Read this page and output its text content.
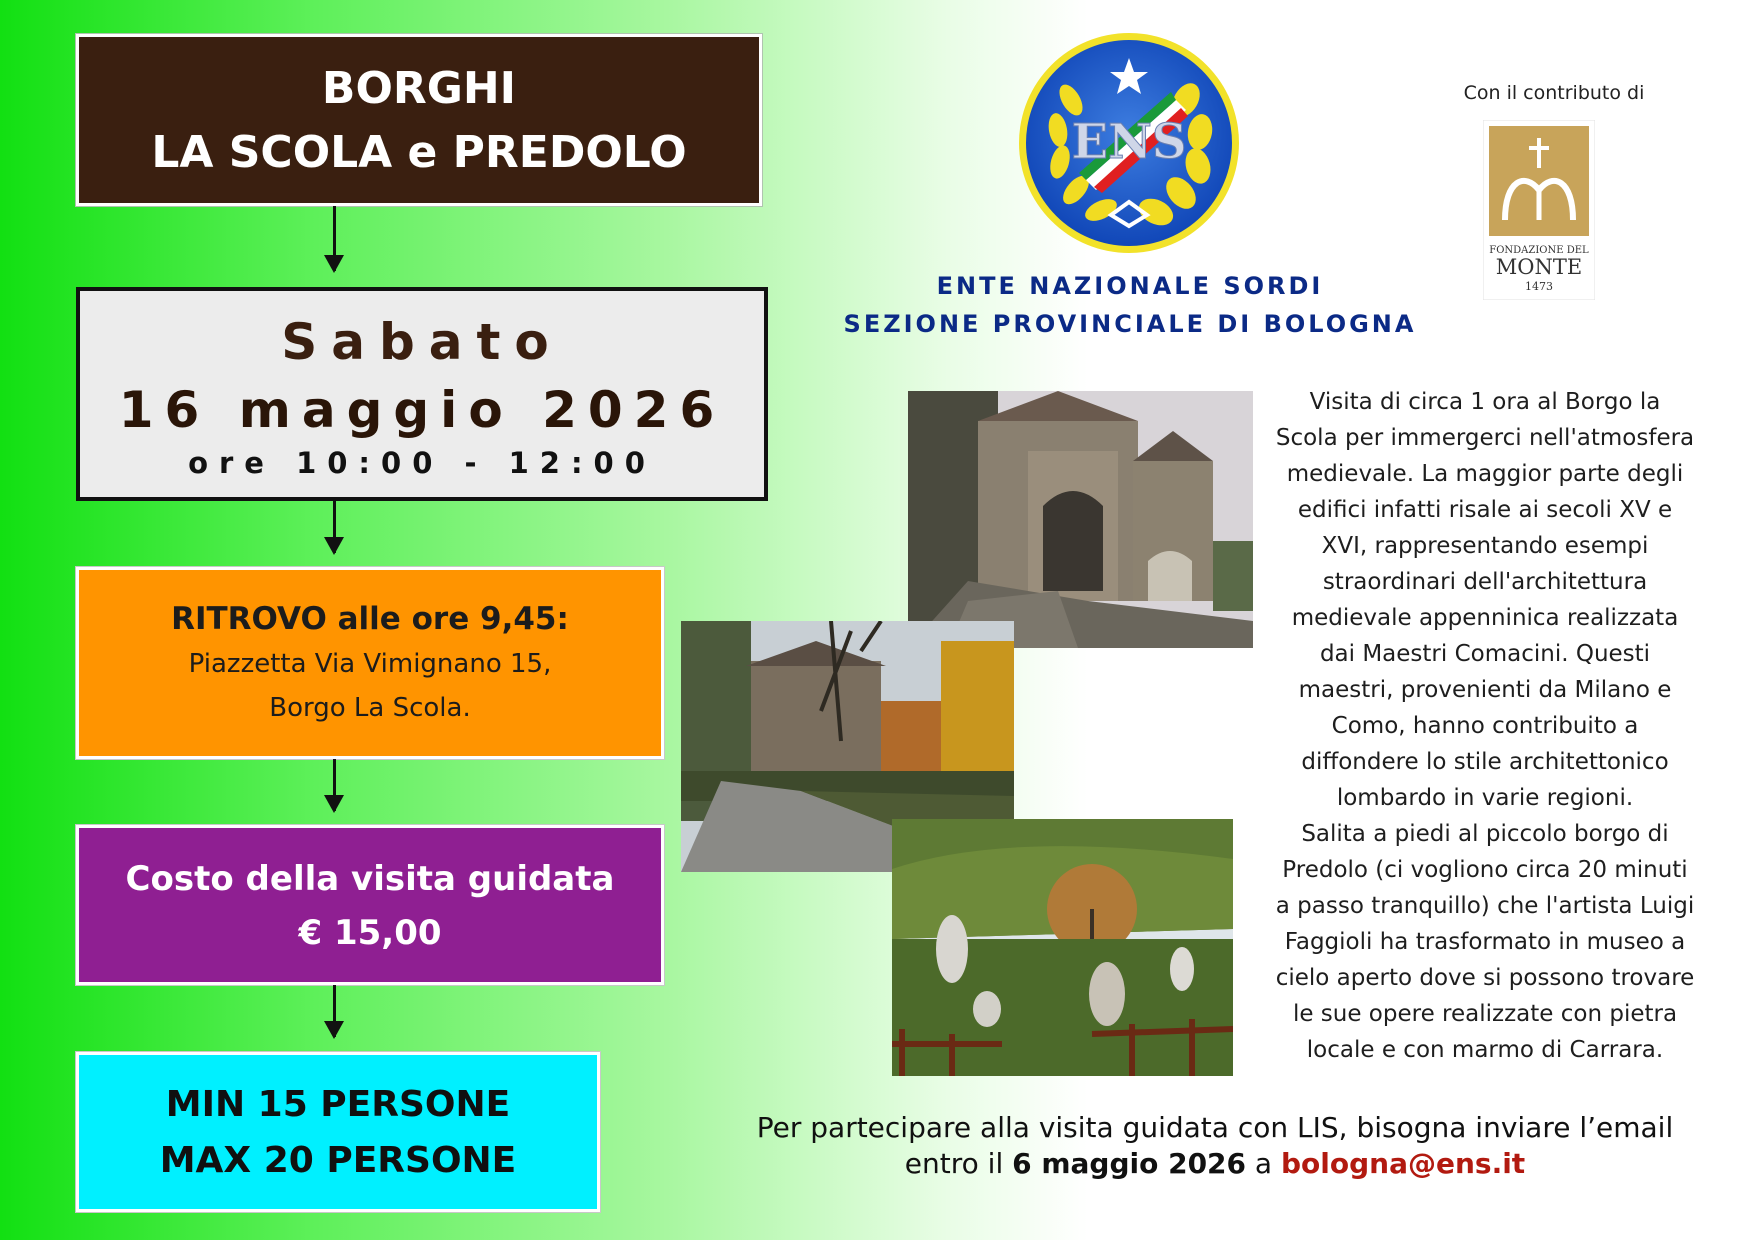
BORGHI
LA SCOLA e PREDOLO
Sabato
16 maggio 2026
ore 10:00 - 12:00
RITROVO alle ore 9,45:
Piazzetta Via Vimignano 15,
Borgo La Scola.
Costo della visita guidata
€ 15,00
MIN 15 PERSONE
MAX 20 PERSONE
ENS
ENTE NAZIONALE SORDI
SEZIONE PROVINCIALE DI BOLOGNA
Con il contributo di
FONDAZIONE DEL
MONTE
1473
Visita di circa 1 ora al Borgo la
Scola per immergerci nell'atmosfera
medievale. La maggior parte degli
edifici infatti risale ai secoli XV e
XVI, rappresentando esempi
straordinari dell'architettura
medievale appenninica realizzata
dai Maestri Comacini. Questi
maestri, provenienti da Milano e
Como, hanno contribuito a
diffondere lo stile architettonico
lombardo in varie regioni.
Salita a piedi al piccolo borgo di
Predolo (ci vogliono circa 20 minuti
a passo tranquillo) che l'artista Luigi
Faggioli ha trasformato in museo a
cielo aperto dove si possono trovare
le sue opere realizzate con pietra
locale e con marmo di Carrara.
Per partecipare alla visita guidata con LIS, bisogna inviare l’email
entro il 6 maggio 2026 a bologna@ens.it
